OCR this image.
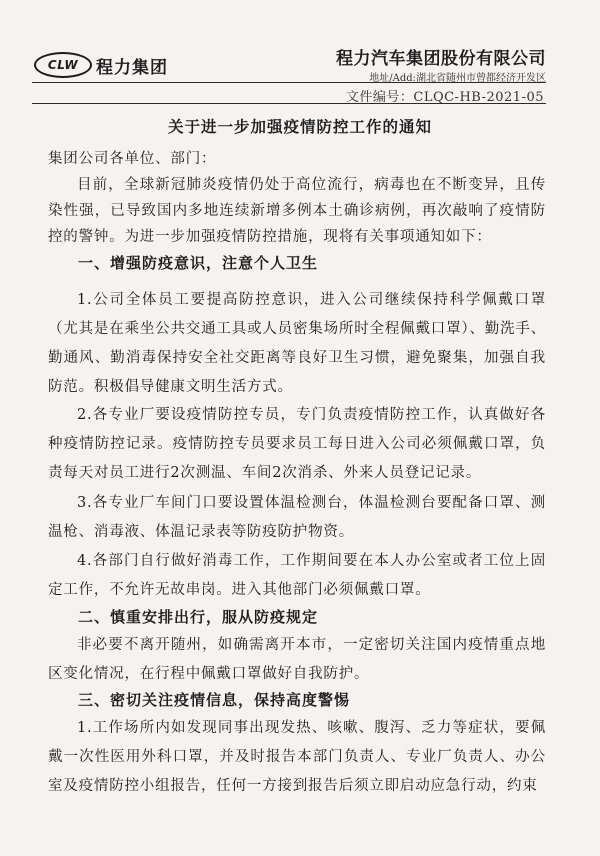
CLW	程力集团	程力汽车集团股份有限公司
地址/Add:湖北省随州市曾都经济开发区
文件编号：CLQC-HB-2021-05
关于进一步加强疫情防控工作的通知
集团公司各单位、部门：
目前，全球新冠肺炎疫情仍处于高位流行，病毒也在不断变异，且传染性强，已导致国内多地连续新增多例本土确诊病例，再次敲响了疫情防控的警钟。为进一步加强疫情防控措施，现将有关事项通知如下：
一、增强防疫意识，注意个人卫生
1.公司全体员工要提高防控意识，进入公司继续保持科学佩戴口罩（尤其是在乘坐公共交通工具或人员密集场所时全程佩戴口罩）、勤洗手、勤通风、勤消毒保持安全社交距离等良好卫生习惯，避免聚集，加强自我防范。积极倡导健康文明生活方式。
2.各专业厂要设疫情防控专员，专门负责疫情防控工作，认真做好各种疫情防控记录。疫情防控专员要求员工每日进入公司必须佩戴口罩，负责每天对员工进行2次测温、车间2次消杀、外来人员登记记录。
3.各专业厂车间门口要设置体温检测台，体温检测台要配备口罩、测温枪、消毒液、体温记录表等防疫防护物资。
4.各部门自行做好消毒工作，工作期间要在本人办公室或者工位上固定工作，不允许无故串岗。进入其他部门必须佩戴口罩。
二、慎重安排出行，服从防疫规定
非必要不离开随州，如确需离开本市，一定密切关注国内疫情重点地区变化情况，在行程中佩戴口罩做好自我防护。
三、密切关注疫情信息，保持高度警惕
1.工作场所内如发现同事出现发热、咳嗽、腹泻、乏力等症状，要佩戴一次性医用外科口罩，并及时报告本部门负责人、专业厂负责人、办公室及疫情防控小组报告，任何一方接到报告后须立即启动应急行动，约束
